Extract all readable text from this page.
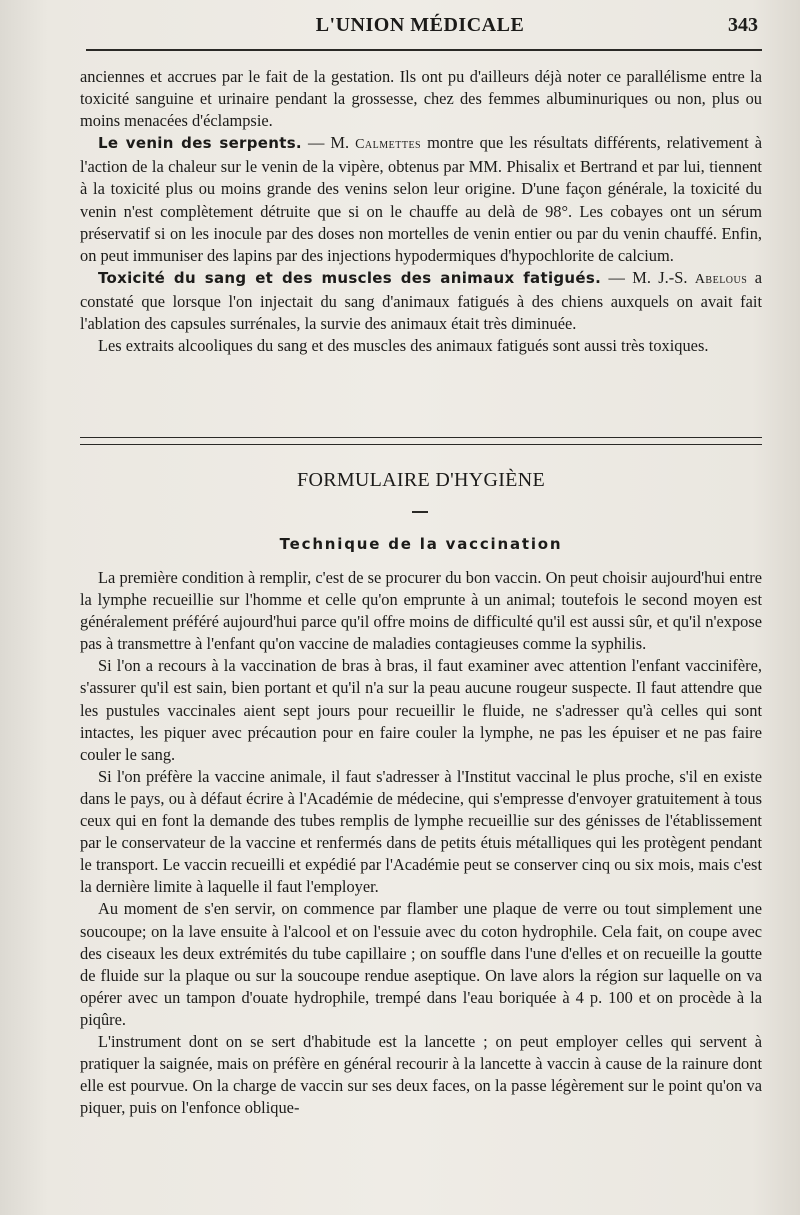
L'UNION MÉDICALE	343

anciennes et accrues par le fait de la gestation. Ils ont pu d'ailleurs déjà noter ce parallélisme entre la toxicité sanguine et urinaire pendant la grossesse, chez des femmes albuminuriques ou non, plus ou moins menacées d'éclampsie.

Le venin des serpents. — M. Calmettes montre que les résultats différents, relativement à l'action de la chaleur sur le venin de la vipère, obtenus par MM. Phisalix et Bertrand et par lui, tiennent à la toxicité plus ou moins grande des venins selon leur origine. D'une façon générale, la toxicité du venin n'est complètement détruite que si on le chauffe au delà de 98°. Les cobayes ont un sérum préservatif si on les inocule par des doses non mortelles de venin entier ou par du venin chauffé. Enfin, on peut immuniser des lapins par des injections hypodermiques d'hypochlorite de calcium.

Toxicité du sang et des muscles des animaux fatigués. — M. J.-S. Abelous a constaté que lorsque l'on injectait du sang d'animaux fatigués à des chiens auxquels on avait fait l'ablation des capsules surrénales, la survie des animaux était très diminuée.

Les extraits alcooliques du sang et des muscles des animaux fatigués sont aussi très toxiques.

FORMULAIRE D'HYGIÈNE
Technique de la vaccination

La première condition à remplir, c'est de se procurer du bon vaccin. On peut choisir aujourd'hui entre la lymphe recueillie sur l'homme et celle qu'on emprunte à un animal; toutefois le second moyen est généralement préféré aujourd'hui parce qu'il offre moins de difficulté qu'il est aussi sûr, et qu'il n'expose pas à transmettre à l'enfant qu'on vaccine de maladies contagieuses comme la syphilis.

Si l'on a recours à la vaccination de bras à bras, il faut examiner avec attention l'enfant vaccinifère, s'assurer qu'il est sain, bien portant et qu'il n'a sur la peau aucune rougeur suspecte. Il faut attendre que les pustules vaccinales aient sept jours pour recueillir le fluide, ne s'adresser qu'à celles qui sont intactes, les piquer avec précaution pour en faire couler la lymphe, ne pas les épuiser et ne pas faire couler le sang.

Si l'on préfère la vaccine animale, il faut s'adresser à l'Institut vaccinal le plus proche, s'il en existe dans le pays, ou à défaut écrire à l'Académie de médecine, qui s'empresse d'envoyer gratuitement à tous ceux qui en font la demande des tubes remplis de lymphe recueillie sur des génisses de l'établissement par le conservateur de la vaccine et renfermés dans de petits étuis métalliques qui les protègent pendant le transport. Le vaccin recueilli et expédié par l'Académie peut se conserver cinq ou six mois, mais c'est la dernière limite à laquelle il faut l'employer.

Au moment de s'en servir, on commence par flamber une plaque de verre ou tout simplement une soucoupe; on la lave ensuite à l'alcool et on l'essuie avec du coton hydrophile. Cela fait, on coupe avec des ciseaux les deux extrémités du tube capillaire ; on souffle dans l'une d'elles et on recueille la goutte de fluide sur la plaque ou sur la soucoupe rendue aseptique. On lave alors la région sur laquelle on va opérer avec un tampon d'ouate hydrophile, trempé dans l'eau boriquée à 4 p. 100 et on procède à la piqûre.

L'instrument dont on se sert d'habitude est la lancette ; on peut employer celles qui servent à pratiquer la saignée, mais on préfère en général recourir à la lancette à vaccin à cause de la rainure dont elle est pourvue. On la charge de vaccin sur ses deux faces, on la passe légèrement sur le point qu'on va piquer, puis on l'enfonce oblique-
